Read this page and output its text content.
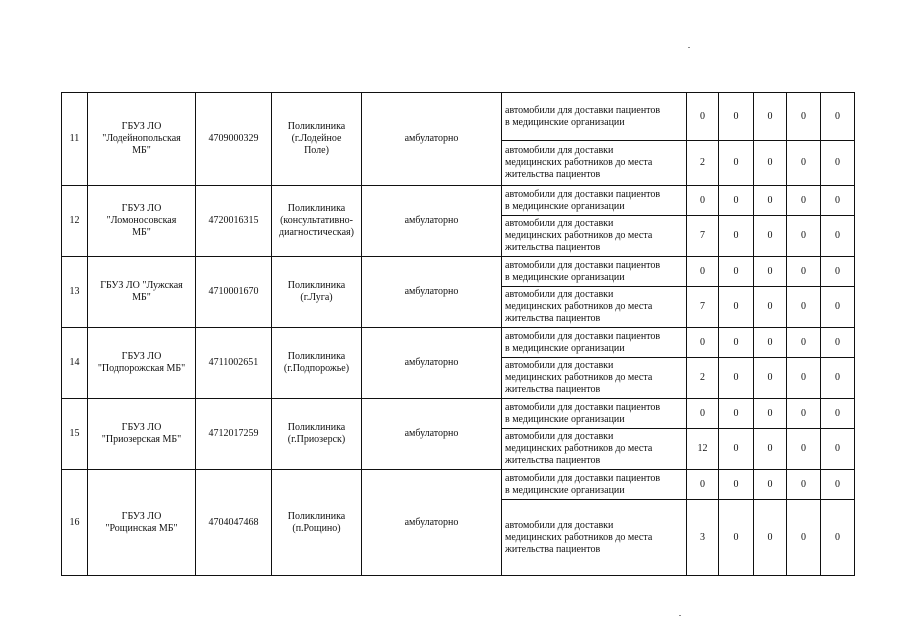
11	ГБУЗ ЛО
"Лодейнопольская
МБ"	4709000329	Поликлиника
(г.Лодейное
Поле)	амбулаторно	автомобили для доставки пациентов
в медицинские организации	0	0	0	0	0
					автомобили для доставки
медицинских работников до места
жительства пациентов	2	0	0	0	0
12	ГБУЗ ЛО
"Ломоносовская
МБ"	4720016315	Поликлиника
(консультативно-
диагностическая)	амбулаторно	автомобили для доставки пациентов
в медицинские организации	0	0	0	0	0
					автомобили для доставки
медицинских работников до места
жительства пациентов	7	0	0	0	0
13	ГБУЗ ЛО "Лужская
МБ"	4710001670	Поликлиника
(г.Луга)	амбулаторно	автомобили для доставки пациентов
в медицинские организации	0	0	0	0	0
					автомобили для доставки
медицинских работников до места
жительства пациентов	7	0	0	0	0
14	ГБУЗ ЛО
"Подпорожская МБ"	4711002651	Поликлиника
(г.Подпорожье)	амбулаторно	автомобили для доставки пациентов
в медицинские организации	0	0	0	0	0
					автомобили для доставки
медицинских работников до места
жительства пациентов	2	0	0	0	0
15	ГБУЗ ЛО
"Приозерская МБ"	4712017259	Поликлиника
(г.Приозерск)	амбулаторно	автомобили для доставки пациентов
в медицинские организации	0	0	0	0	0
					автомобили для доставки
медицинских работников до места
жительства пациентов	12	0	0	0	0
16	ГБУЗ ЛО
"Рощинская МБ"	4704047468	Поликлиника
(п.Рощино)	амбулаторно	автомобили для доставки пациентов
в медицинские организации	0	0	0	0	0
					автомобили для доставки
медицинских работников до места
жительства пациентов	3	0	0	0	0
